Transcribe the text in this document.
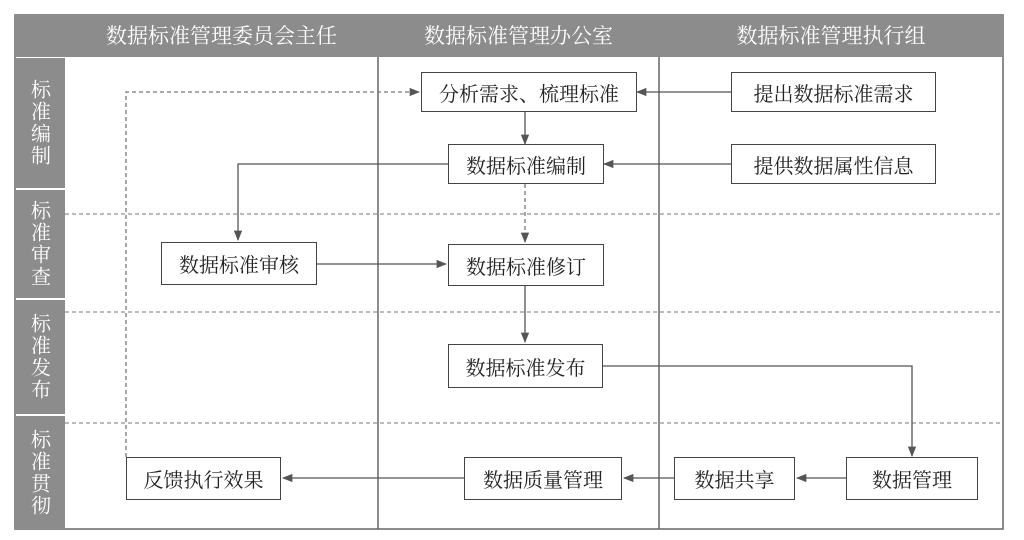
数据标准管理委员会主任	数据标准管理办公室	数据标准管理执行组
标准编制
标准审查
标准发布
标准贯彻
分析需求、梳理标准	提出数据标准需求
数据标准编制	提供数据属性信息
数据标准审核	数据标准修订
数据标准发布
反馈执行效果	数据质量管理	数据共享	数据管理
